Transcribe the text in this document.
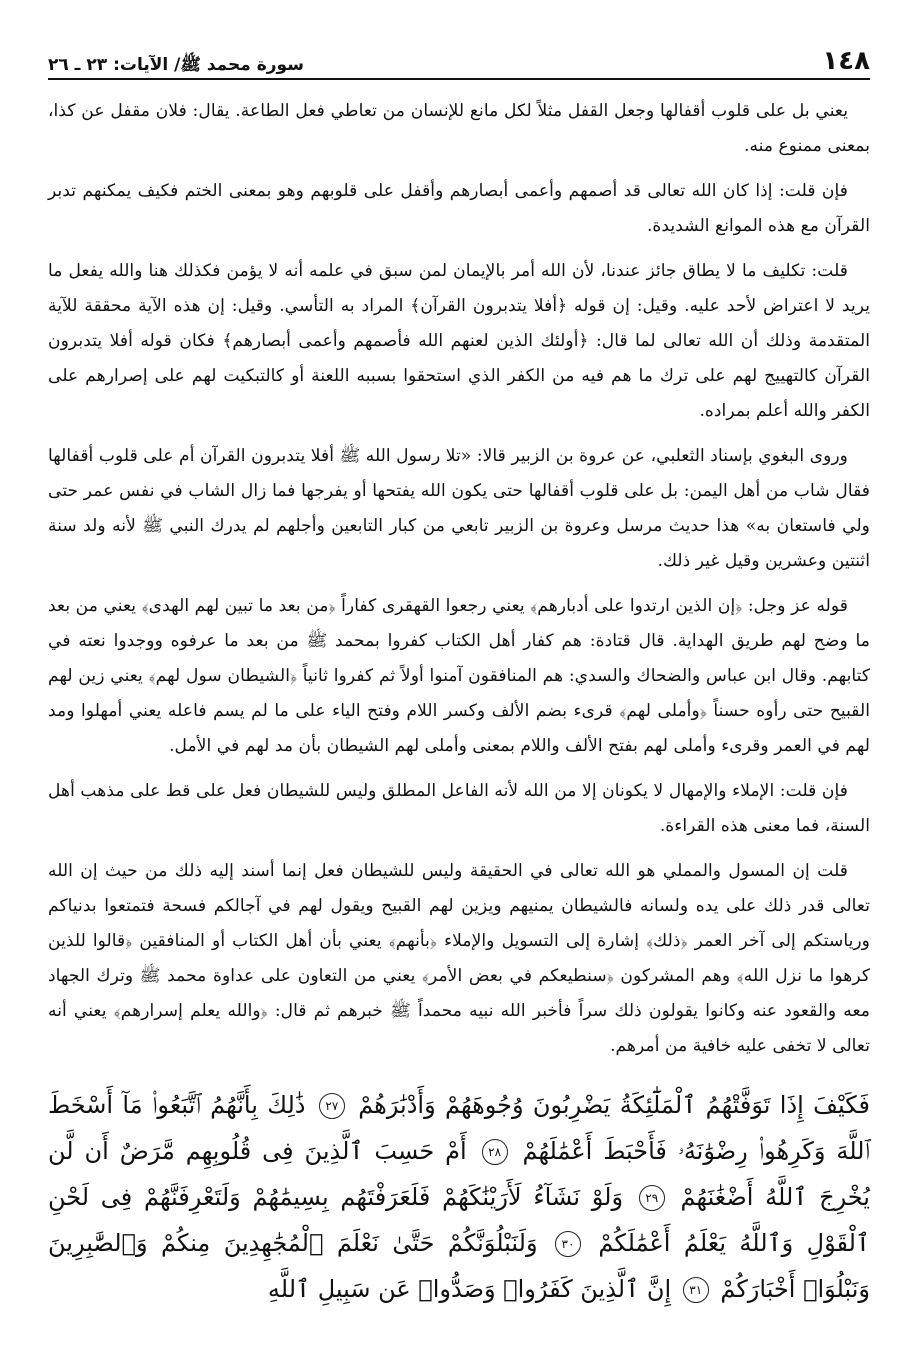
١٤٨
سورة محمد ﷺ/ الآيات: ٢٣ ـ ٢٦

يعني بل على قلوب أقفالها وجعل القفل مثلاً لكل مانع للإنسان من تعاطي فعل الطاعة. يقال: فلان مقفل عن كذا، بمعنى ممنوع منه.

فإن قلت: إذا كان الله تعالى قد أصمهم وأعمى أبصارهم وأقفل على قلوبهم وهو بمعنى الختم فكيف يمكنهم تدبر القرآن مع هذه الموانع الشديدة.

قلت: تكليف ما لا يطاق جائز عندنا، لأن الله أمر بالإيمان لمن سبق في علمه أنه لا يؤمن فكذلك هنا والله يفعل ما يريد لا اعتراض لأحد عليه. وقيل: إن قوله ﴿أفلا يتدبرون القرآن﴾ المراد به التأسي. وقيل: إن هذه الآية محققة للآية المتقدمة وذلك أن الله تعالى لما قال: ﴿أولئك الذين لعنهم الله فأصمهم وأعمى أبصارهم﴾ فكان قوله أفلا يتدبرون القرآن كالتهييج لهم على ترك ما هم فيه من الكفر الذي استحقوا بسببه اللعنة أو كالتبكيت لهم على إصرارهم على الكفر والله أعلم بمراده.

وروى البغوي بإسناد الثعلبي، عن عروة بن الزبير قالا: «تلا رسول الله ﷺ أفلا يتدبرون القرآن أم على قلوب أقفالها فقال شاب من أهل اليمن: بل على قلوب أقفالها حتى يكون الله يفتحها أو يفرجها فما زال الشاب في نفس عمر حتى ولي فاستعان به» هذا حديث مرسل وعروة بن الزبير تابعي من كبار التابعين وأجلهم لم يدرك النبي ﷺ لأنه ولد سنة اثنتين وعشرين وقيل غير ذلك.

قوله عز وجل: ﴿إن الذين ارتدوا على أدبارهم﴾ يعني رجعوا القهقرى كفاراً ﴿من بعد ما تبين لهم الهدى﴾ يعني من بعد ما وضح لهم طريق الهداية. قال قتادة: هم كفار أهل الكتاب كفروا بمحمد ﷺ من بعد ما عرفوه ووجدوا نعته في كتابهم. وقال ابن عباس والضحاك والسدي: هم المنافقون آمنوا أولاً ثم كفروا ثانياً ﴿الشيطان سول لهم﴾ يعني زين لهم القبيح حتى رأوه حسناً ﴿وأملى لهم﴾ قرىء بضم الألف وكسر اللام وفتح الياء على ما لم يسم فاعله يعني أمهلوا ومد لهم في العمر وقرىء وأملى لهم بفتح الألف واللام بمعنى وأملى لهم الشيطان بأن مد لهم في الأمل.

فإن قلت: الإملاء والإمهال لا يكونان إلا من الله لأنه الفاعل المطلق وليس للشيطان فعل على قط على مذهب أهل السنة، فما معنى هذه القراءة.

قلت إن المسول والمملي هو الله تعالى في الحقيقة وليس للشيطان فعل إنما أسند إليه ذلك من حيث إن الله تعالى قدر ذلك على يده ولسانه فالشيطان يمنيهم ويزين لهم القبيح ويقول لهم في آجالكم فسحة فتمتعوا بدنياكم ورياستكم إلى آخر العمر ﴿ذلك﴾ إشارة إلى التسويل والإملاء ﴿بأنهم﴾ يعني بأن أهل الكتاب أو المنافقين ﴿قالوا للذين كرهوا ما نزل الله﴾ وهم المشركون ﴿سنطيعكم في بعض الأمر﴾ يعني من التعاون على عداوة محمد ﷺ وترك الجهاد معه والقعود عنه وكانوا يقولون ذلك سراً فأخبر الله نبيه محمداً ﷺ خبرهم ثم قال: ﴿والله يعلم إسرارهم﴾ يعني أنه تعالى لا تخفى عليه خافية من أمرهم.

فَكَيْفَ إِذَا تَوَفَّتْهُمُ ٱلْمَلَٰٓئِكَةُ يَضْرِبُونَ وُجُوهَهُمْ وَأَدْبَٰرَهُمْ ٢٧ ذَٰلِكَ بِأَنَّهُمُ ٱتَّبَعُوا۟ مَآ أَسْخَطَ ٱللَّهَ وَكَرِهُوا۟ رِضْوَٰنَهُۥ فَأَحْبَطَ أَعْمَٰلَهُمْ ٢٨ أَمْ حَسِبَ ٱلَّذِينَ فِى قُلُوبِهِم مَّرَضٌ أَن لَّن يُخْرِجَ ٱللَّهُ أَضْغَٰنَهُمْ ٢٩ وَلَوْ نَشَآءُ لَأَرَيْنَٰكَهُمْ فَلَعَرَفْتَهُم بِسِيمَٰهُمْ وَلَتَعْرِفَنَّهُمْ فِى لَحْنِ ٱلْقَوْلِ وَٱللَّهُ يَعْلَمُ أَعْمَٰلَكُمْ ٣٠ وَلَنَبْلُوَنَّكُمْ حَتَّىٰ نَعْلَمَ ٱلْمُجَٰهِدِينَ مِنكُمْ وَٱلصَّٰبِرِينَ وَنَبْلُوَا۟ أَخْبَارَكُمْ ٣١ إِنَّ ٱلَّذِينَ كَفَرُوا۟ وَصَدُّوا۟ عَن سَبِيلِ ٱللَّهِ
